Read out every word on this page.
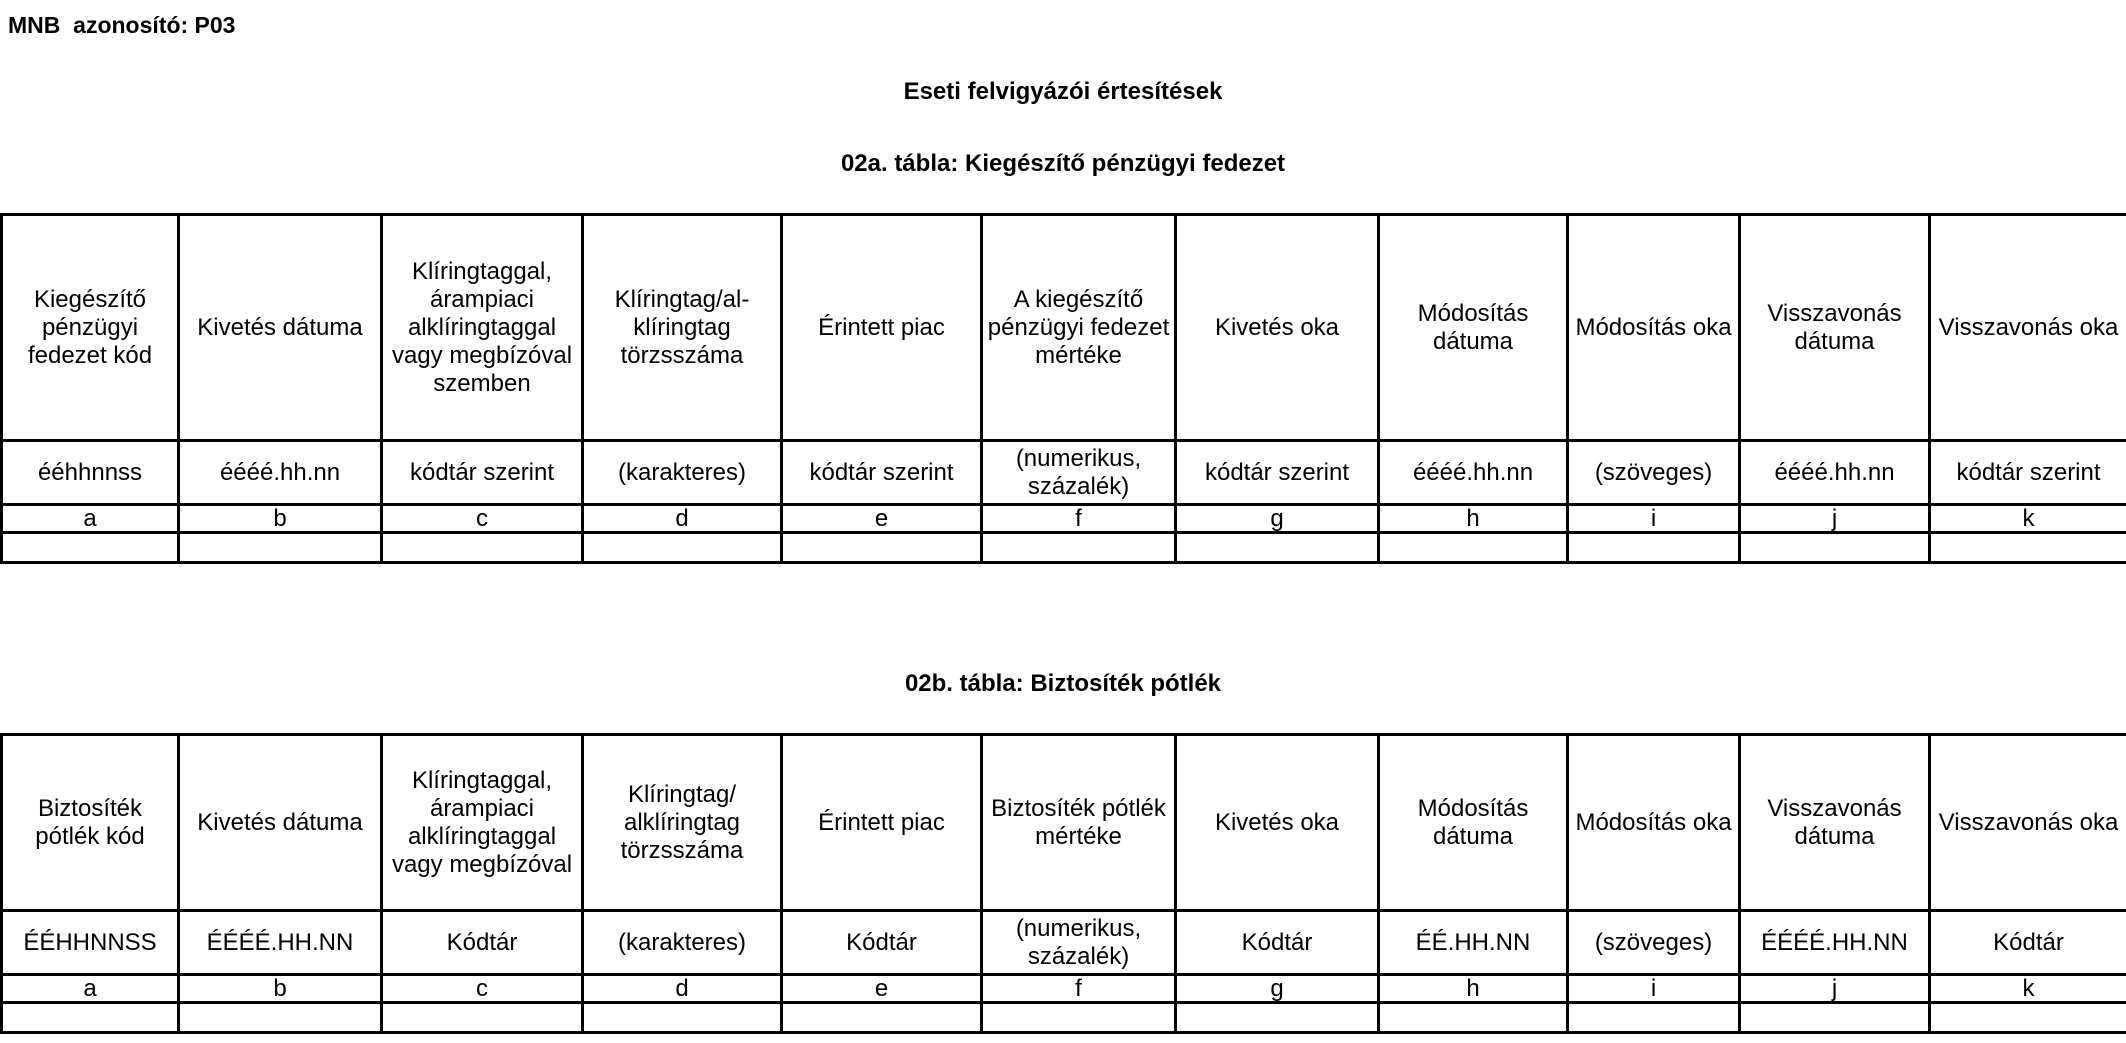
MNB  azonosító: P03
Eseti felvigyázói értesítések
02a. tábla: Kiegészítő pénzügyi fedezet
Kiegészítő pénzügyi fedezet kód	Kivetés dátuma	Klíringtaggal, árampiaci alklíringtaggal vagy megbízóval szemben	Klíringtag/al-klíringtag törzsszáma	Érintett piac	A kiegészítő pénzügyi fedezet mértéke	Kivetés oka	Módosítás dátuma	Módosítás oka	Visszavonás dátuma	Visszavonás oka
ééhhnnss	éééé.hh.nn	kódtár szerint	(karakteres)	kódtár szerint	(numerikus, százalék)	kódtár szerint	éééé.hh.nn	(szöveges)	éééé.hh.nn	kódtár szerint
a	b	c	d	e	f	g	h	i	j	k

02b. tábla: Biztosíték pótlék
Biztosíték pótlék kód	Kivetés dátuma	Klíringtaggal, árampiaci alklíringtaggal vagy megbízóval	Klíringtag/ alklíringtag törzsszáma	Érintett piac	Biztosíték pótlék mértéke	Kivetés oka	Módosítás dátuma	Módosítás oka	Visszavonás dátuma	Visszavonás oka
ÉÉHHNNSS	ÉÉÉÉ.HH.NN	Kódtár	(karakteres)	Kódtár	(numerikus, százalék)	Kódtár	ÉÉ.HH.NN	(szöveges)	ÉÉÉÉ.HH.NN	Kódtár
a	b	c	d	e	f	g	h	i	j	k
